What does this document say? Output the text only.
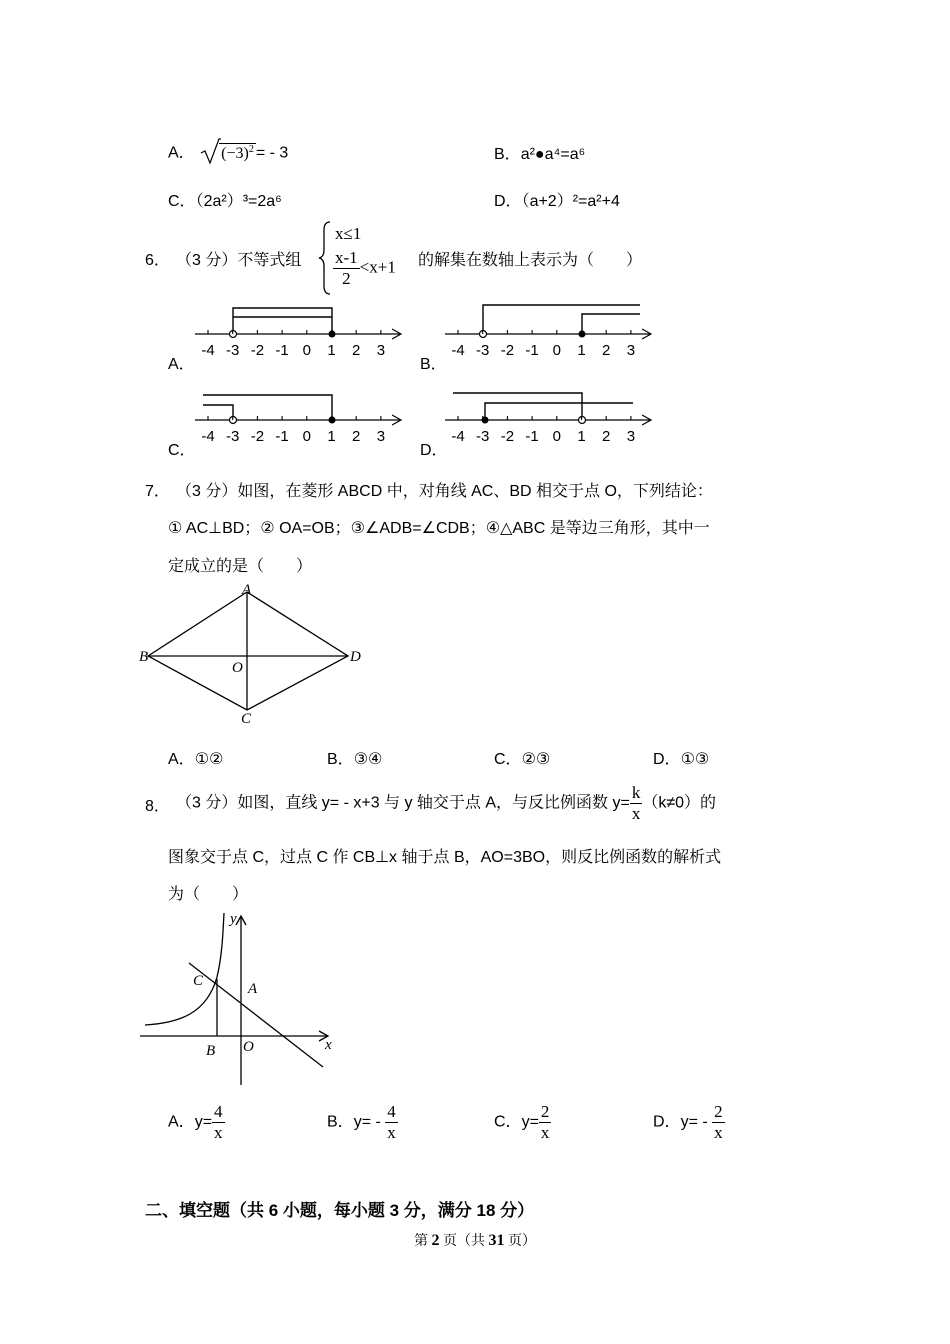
A． $(-3)^2$ = ‐ 3	B．a²●a⁴=a⁶
C．（2a²）³=2a⁶	D．（a+2）²=a²+4
6． （3 分）不等式组
x≤1
$\frac{x-1}{2} <x+1$ 的解集在数轴上表示为（　　）
-4 -3 -2 -1 0 1 2 3	-4 -3 -2 -1 0 1 2 3
-4 -3 -2 -1 0 1 2 3	-4 -3 -2 -1 0 1 2 3
A．	B．
C．	D．
7． （3 分）如图，在菱形 ABCD 中，对角线 AC、BD 相交于点 O，下列结论：
① AC⊥BD；② OA=OB；③∠ADB=∠CDB；④△ABC 是等边三角形，其中一
定成立的是（　　）
A
B	D
C
O
A．①②	B．③④	C．②③	D．①③
8． （3 分）如图，直线 y= ‐ x+3 与 y 轴交于点 A，与反比例函数 $y= \frac{k}{x} (k\ne 0)$的
图象交于点 C，过点 C 作 CB⊥x 轴于点 B，AO=3BO，则反比例函数的解析式
为（　　）
y
x
C	A
B O
A．$y= \frac{4}{x}$	B．y= ‐ $\frac{4}{x}$	C．$y= \frac{2}{x}$	D．y= ‐ $\frac{2}{x}$
二、填空题（共 6 小题，每小题 3 分，满分 18 分）
第 2 页（共 31 页）
